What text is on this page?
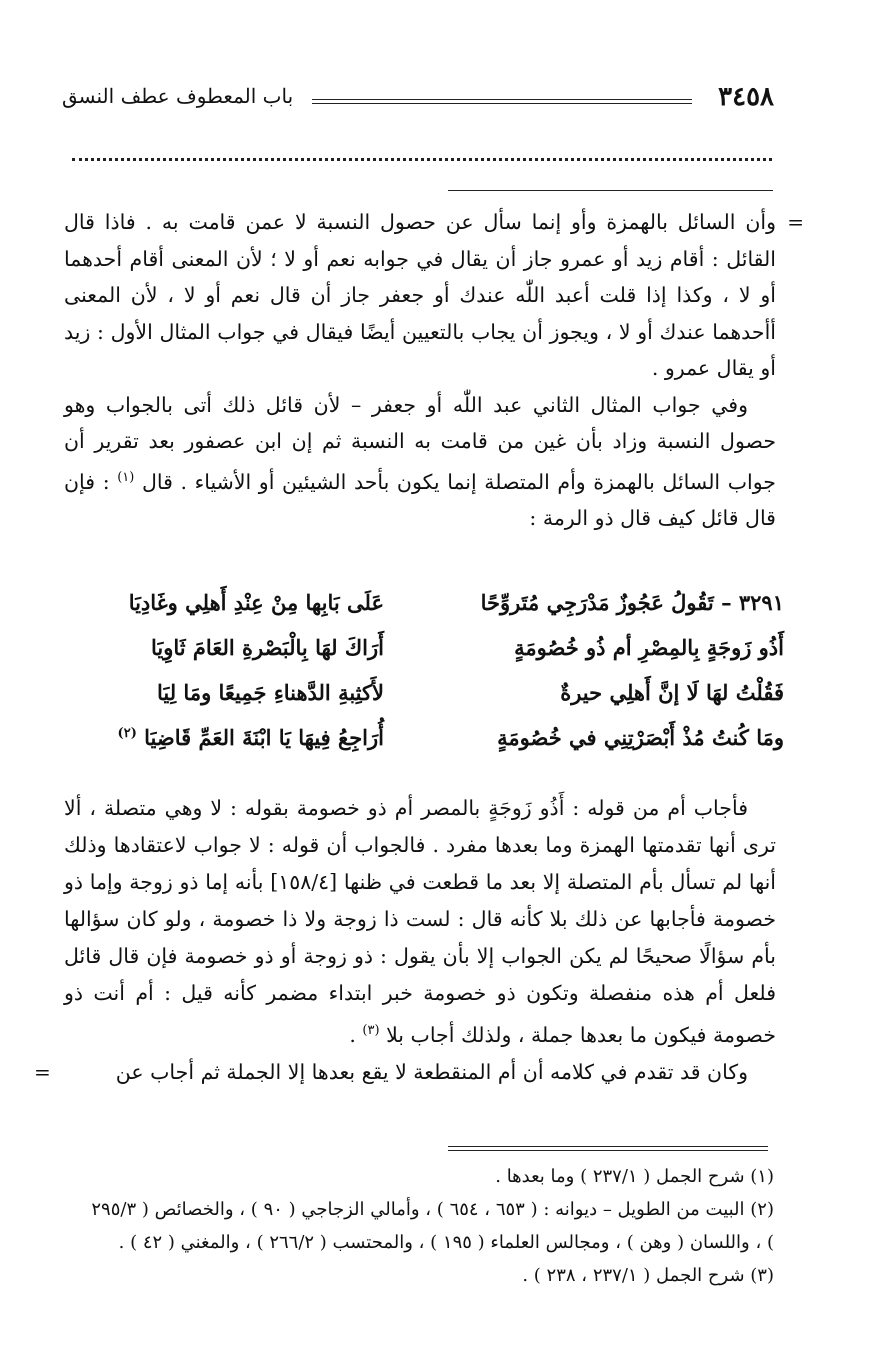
٣٤٥٨
باب المعطوف عطف النسق
=

وأن السائل بالهمزة وأو إنما سأل عن حصول النسبة لا عمن قامت به . فاذا قال القائل : أقام زيد أو عمرو جاز أن يقال في جوابه نعم أو لا ؛ لأن المعنى أقام أحدهما أو لا ، وكذا إذا قلت أعبد اللّٰه عندك أو جعفر جاز أن قال نعم أو لا ، لأن المعنى أأحدهما عندك أو لا ، ويجوز أن يجاب بالتعيين أيضًا فيقال في جواب المثال الأول : زيد أو يقال عمرو .

وفي جواب المثال الثاني عبد اللّٰه أو جعفر – لأن قائل ذلك أتى بالجواب وهو حصول النسبة وزاد بأن غين من قامت به النسبة ثم إن ابن عصفور بعد تقرير أن جواب السائل بالهمزة وأم المتصلة إنما يكون بأحد الشيئين أو الأشياء . قال $^{(١)}$ : فإن قال قائل كيف قال ذو الرمة :

٣٢٩١ – تَقُولُ عَجُوزٌ مَدْرَجِي مُتَروِّحًا
عَلَى بَابِها مِنْ عِنْدِ أَهلِي وغَادِيَا
أَذُو زَوجَةٍ بِالمِصْرِ أم ذُو خُصُومَةٍ
أَرَاكَ لهَا بِالْبَصْرةِ العَامَ ثَاوِيَا
فَقُلْتُ لهَا لَا إنَّ أَهلِي حيرةٌ
لأَكثِبةِ الدَّهناءِ جَمِيعًا ومَا لِيَا
ومَا كُنتُ مُذْ أَبْصَرْتِنِي في خُصُومَةٍ
أُرَاجِعُ فِيهَا يَا ابْنَةَ العَمِّ قَاضِيَا $^{(٢)}$

فأجاب أم من قوله : أَذُو زَوجَةٍ بالمصر أم ذو خصومة بقوله : لا وهي متصلة ، ألا ترى أنها تقدمتها الهمزة وما بعدها مفرد . فالجواب أن قوله : لا جواب لاعتقادها وذلك أنها لم تسأل بأم المتصلة إلا بعد ما قطعت في ظنها [١٥٨/٤] بأنه إما ذو زوجة وإما ذو خصومة فأجابها عن ذلك بلا كأنه قال : لست ذا زوجة ولا ذا خصومة ، ولو كان سؤالها بأم سؤالًا صحيحًا لم يكن الجواب إلا بأن يقول : ذو زوجة أو ذو خصومة فإن قال قائل فلعل أم هذه منفصلة وتكون ذو خصومة خبر ابتداء مضمر كأنه قيل : أم أنت ذو خصومة فيكون ما بعدها جملة ، ولذلك أجاب بلا $^{(٣)}$ .

وكان قد تقدم في كلامه أن أم المنقطعة لا يقع بعدها إلا الجملة ثم أجاب عن
=

(١) شرح الجمل ( ٢٣٧/١ ) وما بعدها .

(٢) البيت من الطويل – ديوانه : ( ٦٥٣ ، ٦٥٤ ) ، وأمالي الزجاجي ( ٩٠ ) ، والخصائص ( ٢٩٥/٣ ) ، واللسان ( وهن ) ، ومجالس العلماء ( ١٩٥ ) ، والمحتسب ( ٢٦٦/٢ ) ، والمغني ( ٤٢ ) .

(٣) شرح الجمل ( ٢٣٧/١ ، ٢٣٨ ) .
